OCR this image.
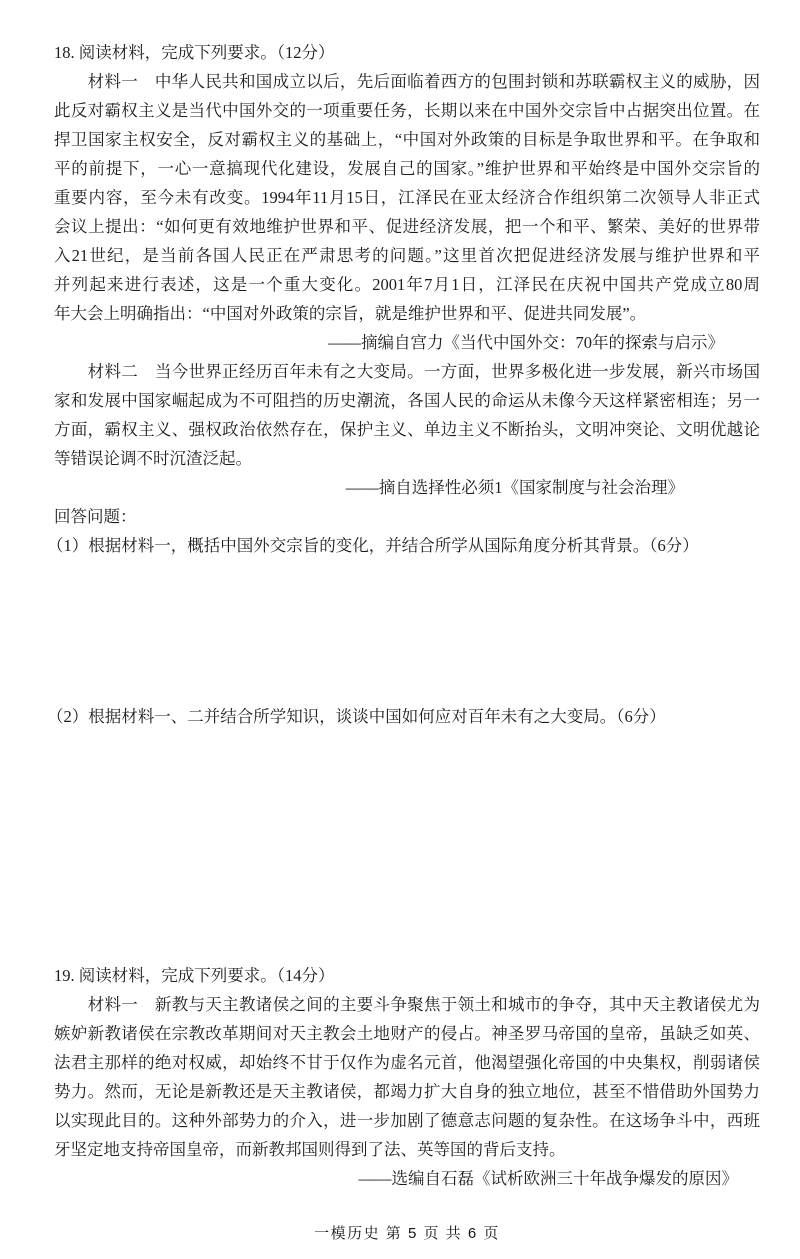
18. 阅读材料，完成下列要求。（12分）
　　材料一　中华人民共和国成立以后，先后面临着西方的包围封锁和苏联霸权主义的威胁，因
此反对霸权主义是当代中国外交的一项重要任务，长期以来在中国外交宗旨中占据突出位置。在
捍卫国家主权安全，反对霸权主义的基础上，“中国对外政策的目标是争取世界和平。在争取和
平的前提下，一心一意搞现代化建设，发展自己的国家。”维护世界和平始终是中国外交宗旨的
重要内容，至今未有改变。1994年11月15日，江泽民在亚太经济合作组织第二次领导人非正式
会议上提出：“如何更有效地维护世界和平、促进经济发展，把一个和平、繁荣、美好的世界带
入21世纪，是当前各国人民正在严肃思考的问题。”这里首次把促进经济发展与维护世界和平
并列起来进行表述，这是一个重大变化。2001年7月1日，江泽民在庆祝中国共产党成立80周
年大会上明确指出：“中国对外政策的宗旨，就是维护世界和平、促进共同发展”。
——摘编自宫力《当代中国外交：70年的探索与启示》
　　材料二　当今世界正经历百年未有之大变局。一方面，世界多极化进一步发展，新兴市场国
家和发展中国家崛起成为不可阻挡的历史潮流，各国人民的命运从未像今天这样紧密相连；另一
方面，霸权主义、强权政治依然存在，保护主义、单边主义不断抬头，文明冲突论、文明优越论
等错误论调不时沉渣泛起。
——摘自选择性必须1《国家制度与社会治理》
回答问题：
（1）根据材料一，概括中国外交宗旨的变化，并结合所学从国际角度分析其背景。（6分）
（2）根据材料一、二并结合所学知识，谈谈中国如何应对百年未有之大变局。（6分）
19. 阅读材料，完成下列要求。（14分）
　　材料一　新教与天主教诸侯之间的主要斗争聚焦于领土和城市的争夺，其中天主教诸侯尤为
嫉妒新教诸侯在宗教改革期间对天主教会土地财产的侵占。神圣罗马帝国的皇帝，虽缺乏如英、
法君主那样的绝对权威，却始终不甘于仅作为虚名元首，他渴望强化帝国的中央集权，削弱诸侯
势力。然而，无论是新教还是天主教诸侯，都竭力扩大自身的独立地位，甚至不惜借助外国势力
以实现此目的。这种外部势力的介入，进一步加剧了德意志问题的复杂性。在这场争斗中，西班
牙坚定地支持帝国皇帝，而新教邦国则得到了法、英等国的背后支持。
——选编自石磊《试析欧洲三十年战争爆发的原因》
一模历史 第 5 页 共 6 页
